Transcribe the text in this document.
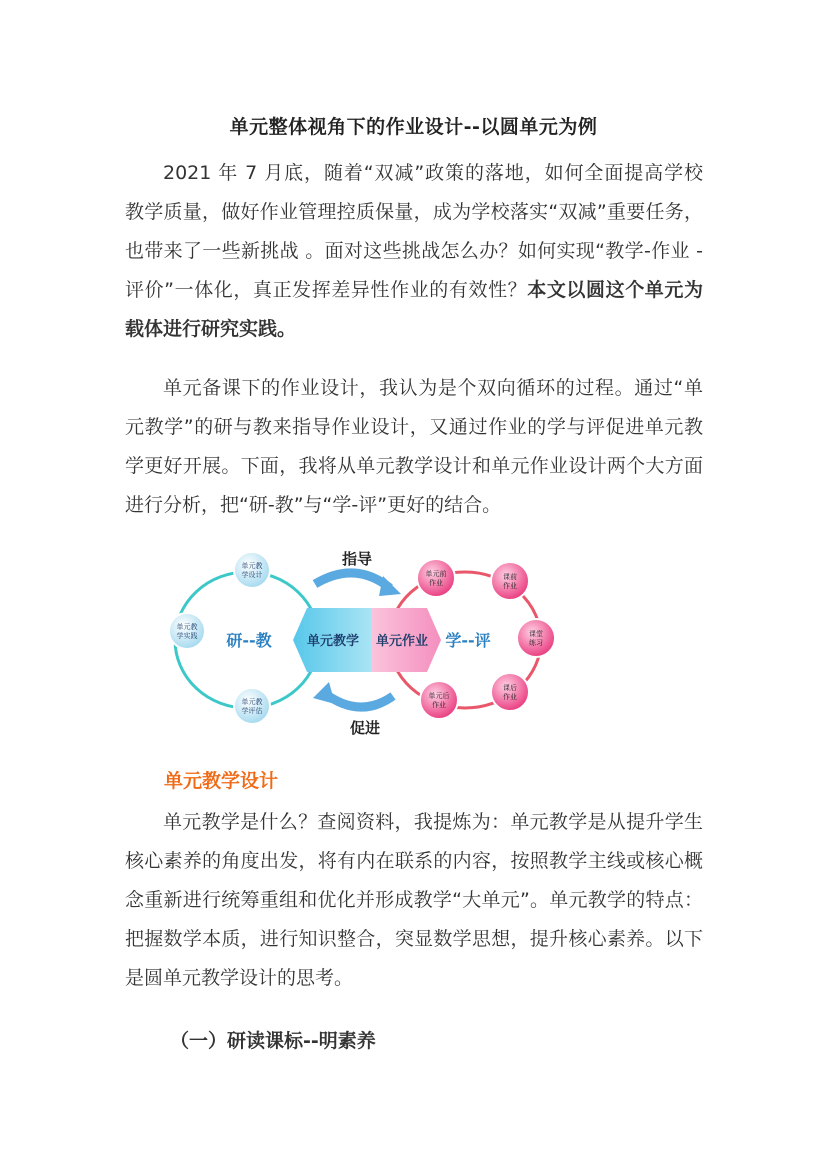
单元整体视角下的作业设计--以圆单元为例

2021 年 7 月底，随着“双减”政策的落地，如何全面提高学校 教学质量，做好作业管理控质保量，成为学校落实“双减”重要任务， 也带来了一些新挑战 。面对这些挑战怎么办？如何实现“教学-作业 -评价”一体化，真正发挥差异性作业的有效性？本文以圆这个单元为载体进行研究实践。

单元备课下的作业设计，我认为是个双向循环的过程。通过“单元教学”的研与教来指导作业设计，又通过作业的学与评促进单元教 学更好开展。下面，我将从单元教学设计和单元作业设计两个大方面 进行分析，把“研-教”与“学-评”更好的结合。

指导
促进
单元教学 单元作业
研--教	学--评
单元教
学设计
单元教
学实践
单元教
学评估
单元前
作业
课前
作业
课堂
练习
课后
作业
单元后
作业
单元教学设计

单元教学是什么？查阅资料，我提炼为：单元教学是从提升学生核心素养的角度出发，将有内在联系的内容，按照教学主线或核心概念重新进行统筹重组和优化并形成教学“大单元”。单元教学的特点：把握数学本质，进行知识整合，突显数学思想，提升核心素养。以下是圆单元教学设计的思考。

（一）研读课标--明素养
